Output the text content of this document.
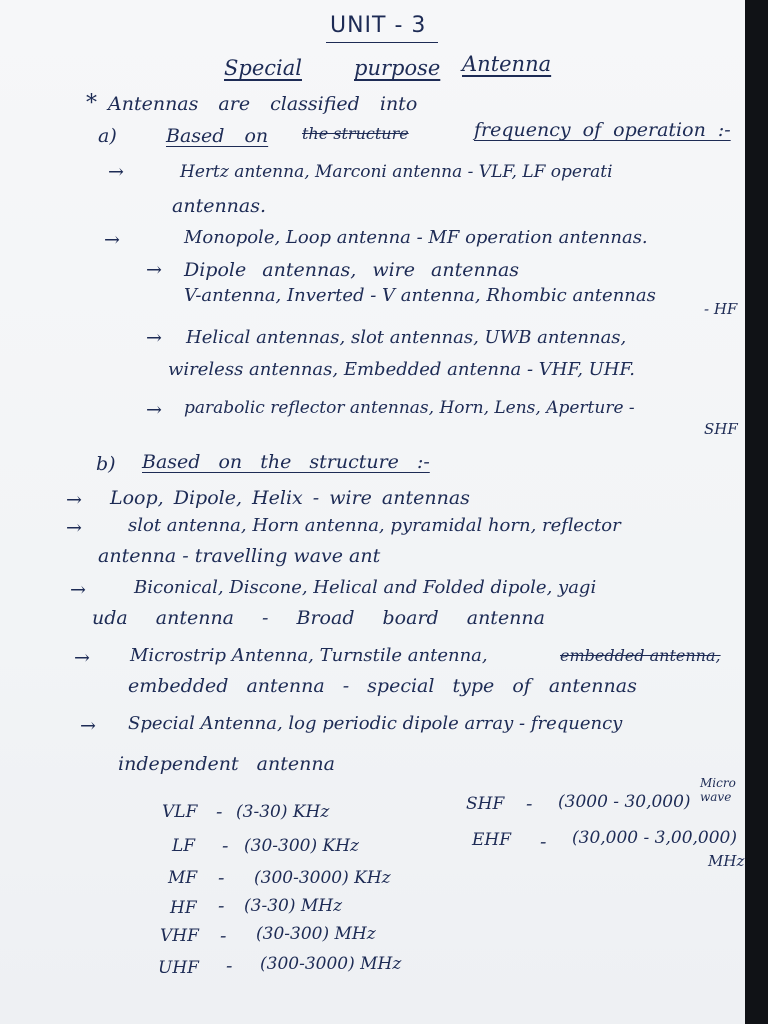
UNIT - 3
Special purpose Antenna
* Antennas are classified into
a)	Based on the structure	frequency of operation :-
→	Hertz antenna, Marconi antenna - VLF, LF operati
antennas.
→	Monopole, Loop antenna - MF operation antennas.
→ Dipole antennas, wire antennas
V-antenna, Inverted - V antenna, Rhombic antennas
- HF
→ Helical antennas, slot antennas, UWB antennas,
wireless antennas, Embedded antenna - VHF, UHF.
→ parabolic reflector antennas, Horn, Lens, Aperture -
SHF
b) Based on the structure :-
→ Loop, Dipole, Helix - wire antennas
→	slot antenna, Horn antenna, pyramidal horn, reflector
antenna - travelling wave ant
→	Biconical, Discone, Helical and Folded dipole, yagi
uda antenna - Broad board antenna
→ Microstrip Antenna, Turnstile antenna,	embedded antenna,
embedded antenna - special type of antennas
→ Special Antenna, log periodic dipole array - frequency
independent antenna
VLF - (3-30) KHz
LF - (30-300) KHz
MF - (300-3000) KHz
HF - (3-30) MHz
VHF - (30-300) MHz
UHF - (300-3000) MHz
SHF - (3000 - 30,000)
Micro wave
EHF - (30,000 - 3,00,000)
MHz
